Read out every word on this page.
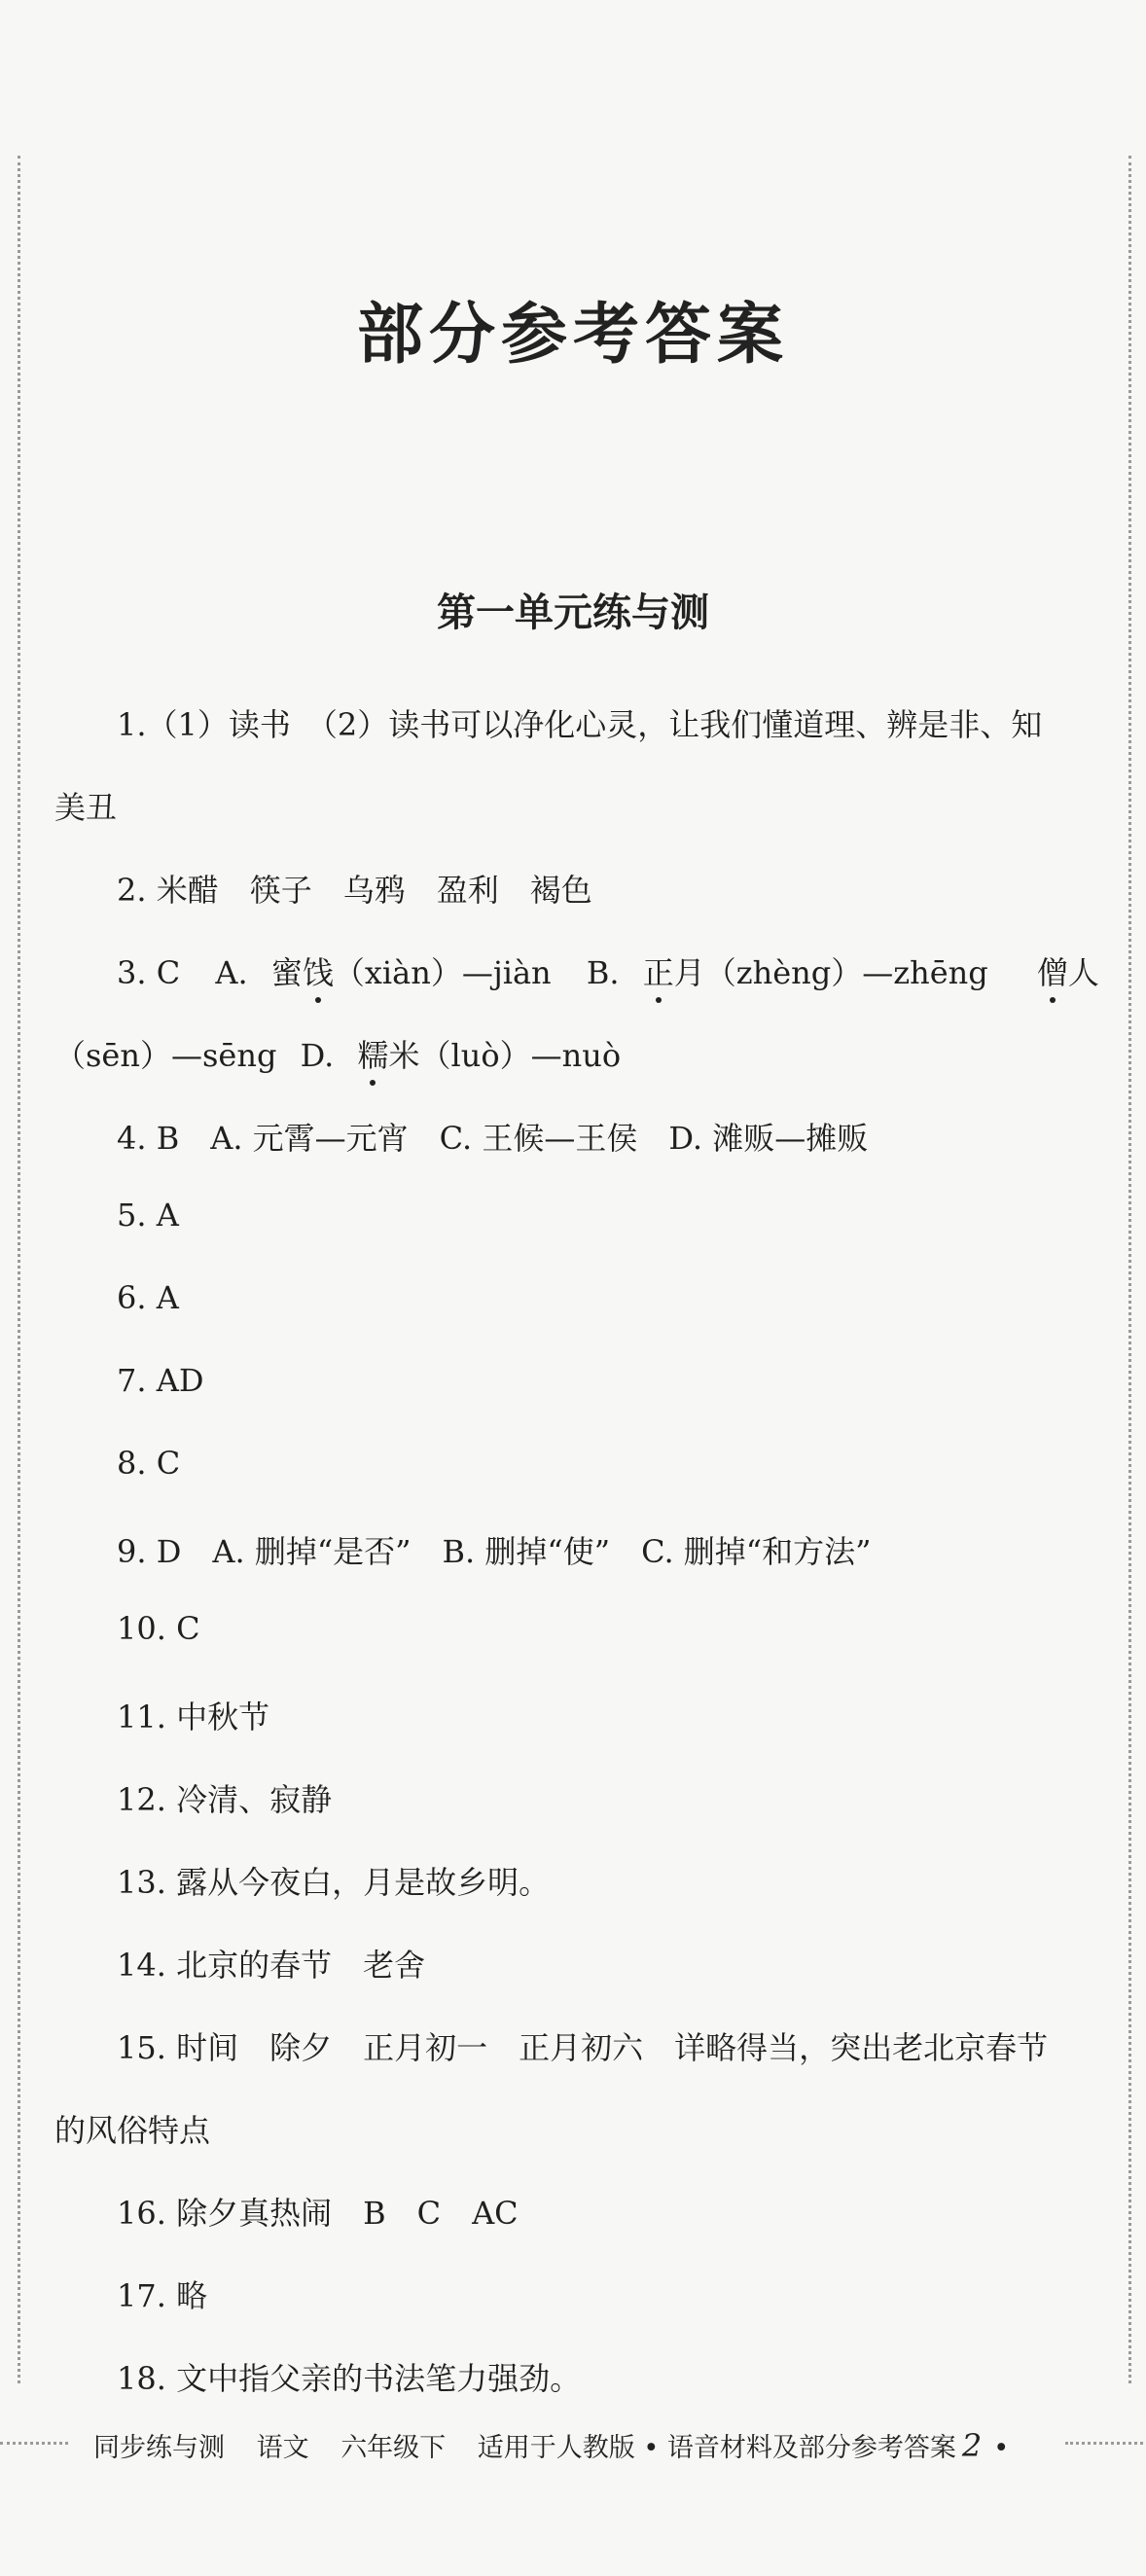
部分参考答案
第一单元练与测
1.（1）读书　（2）读书可以净化心灵，让我们懂道理、辨是非、知
美丑
2. 米醋　筷子　乌鸦　盈利　褐色
3. C A. 蜜饯（xiàn）—jiàn B. 正月（zhèng）—zhēng 僧人
（sēn）—sēng D. 糯米（luò）—nuò
4. B　A. 元霄—元宵　C. 王候—王侯　D. 滩贩—摊贩
5. A
6. A
7. AD
8. C
9. D　A. 删掉“是否”　B. 删掉“使”　C. 删掉“和方法”
10. C
11. 中秋节
12. 冷清、寂静
13. 露从今夜白，月是故乡明。
14. 北京的春节　老舍
15. 时间　除夕　正月初一　正月初六　详略得当，突出老北京春节
的风俗特点
16. 除夕真热闹　B　C　AC
17. 略
18. 文中指父亲的书法笔力强劲。
同步练与测 语文 六年级下 适用于人教版 • 语音材料及部分参考答案 2 •
